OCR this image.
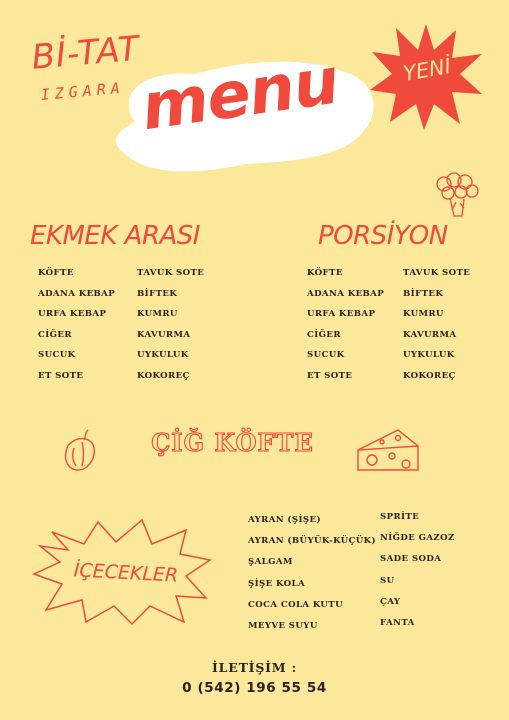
Bİ-TAT
IZGARA menu	YENİ
EKMEK ARASI
KÖFTE
ADANA KEBAP
URFA KEBAP
CİĞER
SUCUK
ET SOTE
TAVUK SOTE
BİFTEK
KUMRU
KAVURMA
UYKULUK
KOKOREÇ
PORSİYON
KÖFTE
ADANA KEBAP
URFA KEBAP
CİĞER
SUCUK
ET SOTE
TAVUK SOTE
BİFTEK
KUMRU
KAVURMA
UYKULUK
KOKOREÇ
ÇİĞ KÖFTE
İÇECEKLER
AYRAN (ŞİŞE)
AYRAN (BÜYÜK-KÜÇÜK)
ŞALGAM
ŞİŞE KOLA
COCA COLA KUTU
MEYVE SUYU
SPRİTE
NİĞDE GAZOZ
SADE SODA
SU
ÇAY
FANTA
İLETİŞİM :
0 (542) 196 55 54
